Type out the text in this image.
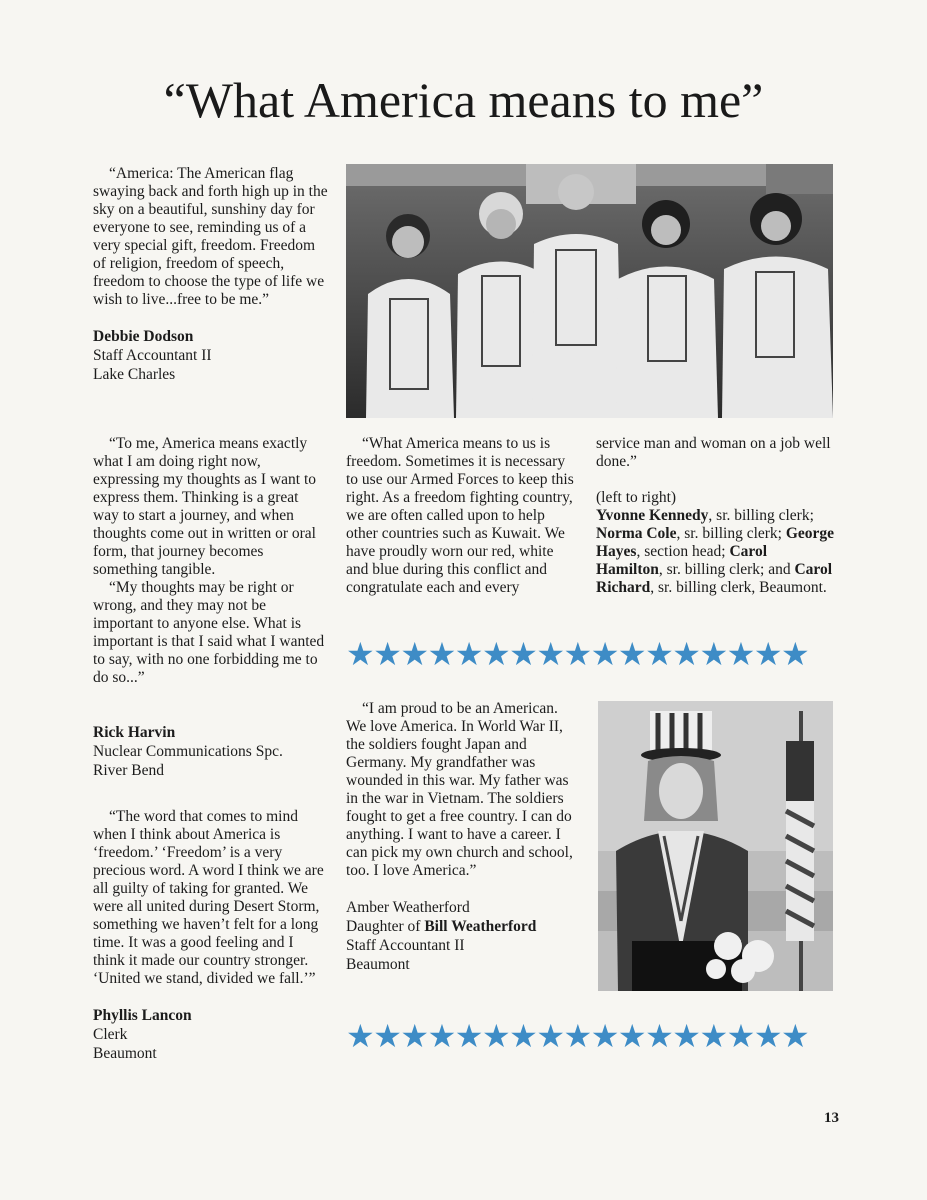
“What America means to me”

“America: The American flag swaying back and forth high up in the sky on a beautiful, sunshiny day for everyone to see, reminding us of a very special gift, freedom. Freedom of religion, freedom of speech, freedom to choose the type of life we wish to live...free to be me.”

Debbie Dodson
Staff Accountant II
Lake Charles

“To me, America means exactly what I am doing right now, expressing my thoughts as I want to express them. Thinking is a great way to start a journey, and when thoughts come out in written or oral form, that journey becomes something tangible.

“My thoughts may be right or wrong, and they may not be important to anyone else. What is important is that I said what I wanted to say, with no one forbidding me to do so...”

Rick Harvin
Nuclear Communications Spc.
River Bend

“The word that comes to mind when I think about America is ‘freedom.’ ‘Freedom’ is a very precious word. A word I think we are all guilty of taking for granted. We were all united during Desert Storm, something we haven’t felt for a long time. It was a good feeling and I think it made our country stronger. ‘United we stand, divided we fall.’”

Phyllis Lancon
Clerk
Beaumont

“What America means to us is freedom. Sometimes it is necessary to use our Armed Forces to keep this right. As a freedom fighting country, we are often called upon to help other countries such as Kuwait. We have proudly worn our red, white and blue during this conflict and congratulate each and every

service man and woman on a job well done.”

(left to right)

Yvonne Kennedy, sr. billing clerk; Norma Cole, sr. billing clerk; George Hayes, section head; Carol Hamilton, sr. billing clerk; and Carol Richard, sr. billing clerk, Beaumont.

★★★★★★★★★★★★★★★★★

“I am proud to be an American. We love America. In World War II, the soldiers fought Japan and Germany. My grandfather was wounded in this war. My father was in the war in Vietnam. The soldiers fought to get a free country. I can do anything. I want to have a career. I can pick my own church and school, too. I love America.”

Amber Weatherford
Daughter of Bill Weatherford
Staff Accountant II
Beaumont
★★★★★★★★★★★★★★★★★
13
